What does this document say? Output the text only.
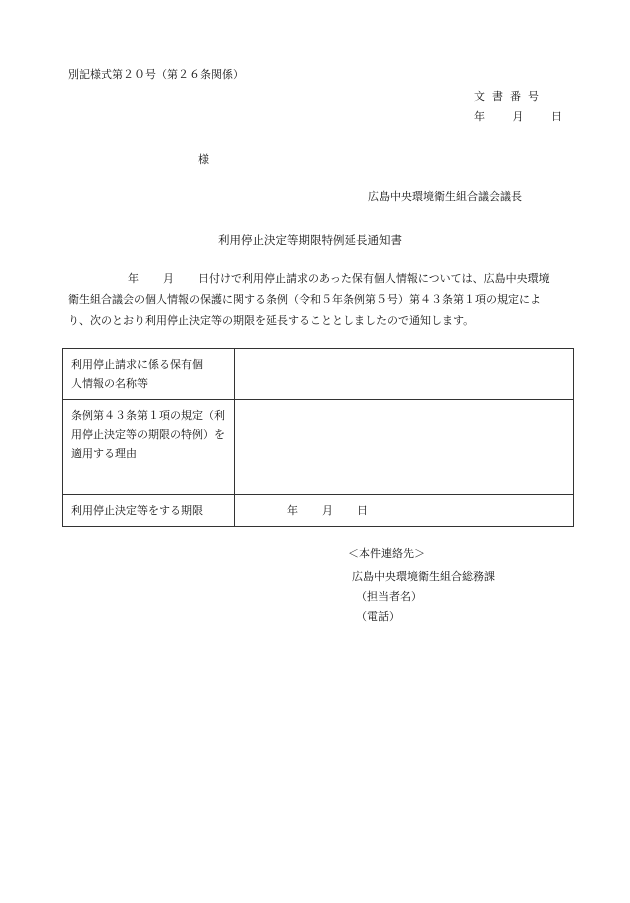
別記様式第２０号（第２６条関係）
文書番号
年	月	日
様
広島中央環境衛生組合議会議長
利用停止決定等期限特例延長通知書
年 月 日付けで利用停止請求のあった保有個人情報については、広島中央環境
衛生組合議会の個人情報の保護に関する条例（令和５年条例第５号）第４３条第１項の規定によ
り、次のとおり利用停止決定等の期限を延長することとしましたので通知します。
利用停止請求に係る保有個
人情報の名称等	

条例第４３条第１項の規定（利
用停止決定等の期限の特例）を
適用する理由	

利用停止決定等をする期限	年 月 日
＜本件連絡先＞
広島中央環境衛生組合総務課
（担当者名）
（電話）
